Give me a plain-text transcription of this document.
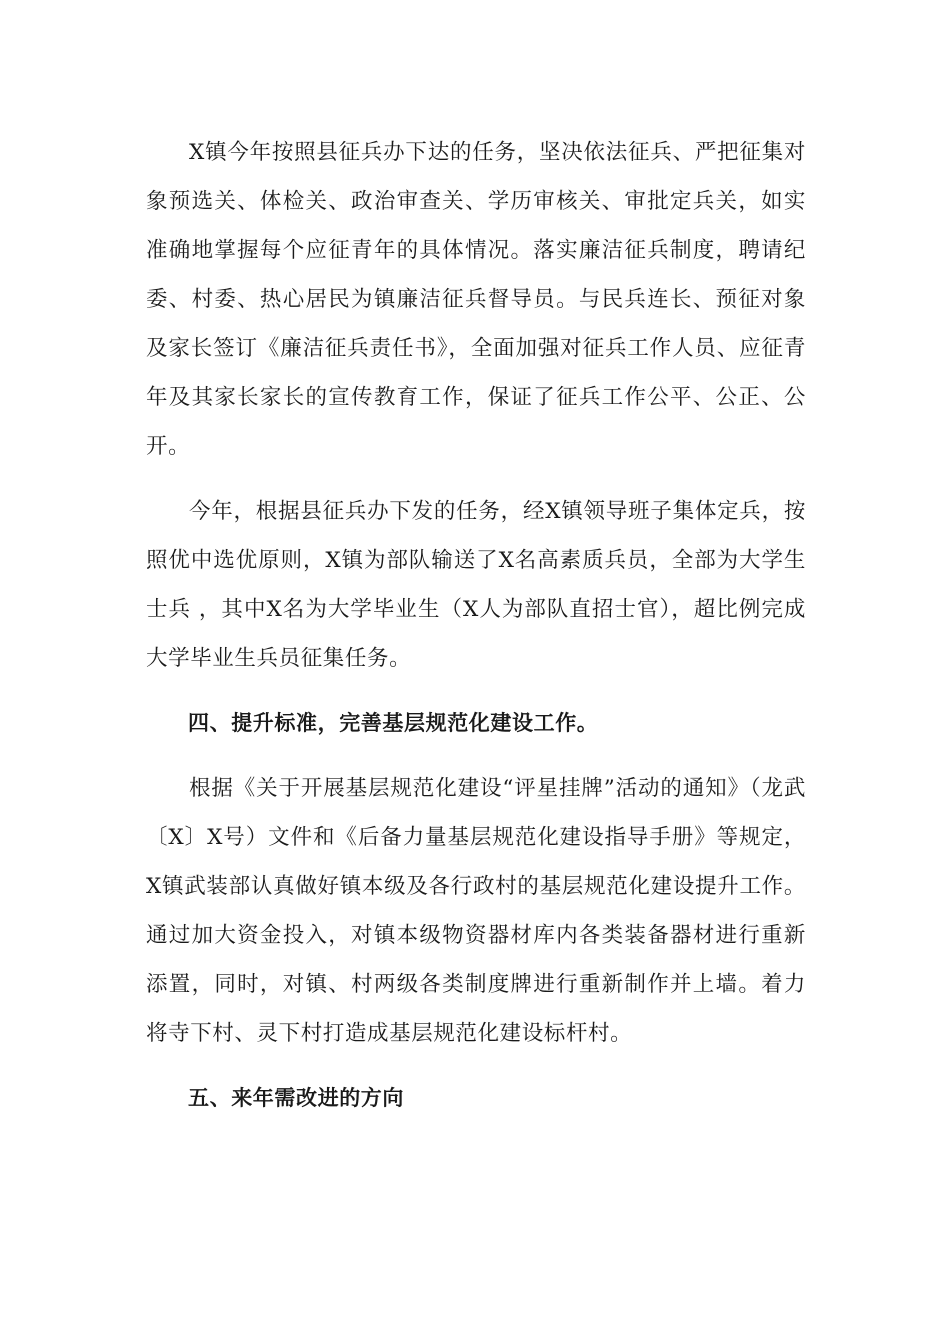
X镇今年按照县征兵办下达的任务，坚决依法征兵、严把征集对象预选关、体检关、政治审查关、学历审核关、审批定兵关，如实准确地掌握每个应征青年的具体情况。落实廉洁征兵制度，聘请纪委、村委、热心居民为镇廉洁征兵督导员。与民兵连长、预征对象及家长签订《廉洁征兵责任书》，全面加强对征兵工作人员、应征青年及其家长家长的宣传教育工作，保证了征兵工作公平、公正、公开。

今年，根据县征兵办下发的任务，经X镇领导班子集体定兵，按照优中选优原则，X镇为部队输送了X名高素质兵员，全部为大学生士兵 ，其中X名为大学毕业生（X人为部队直招士官），超比例完成大学毕业生兵员征集任务。

四、提升标准，完善基层规范化建设工作。

根据《关于开展基层规范化建设“评星挂牌”活动的通知》（龙武〔X〕X号）文件和《后备力量基层规范化建设指导手册》等规定，X镇武装部认真做好镇本级及各行政村的基层规范化建设提升工作。通过加大资金投入，对镇本级物资器材库内各类装备器材进行重新添置，同时，对镇、村两级各类制度牌进行重新制作并上墙。着力将寺下村、灵下村打造成基层规范化建设标杆村。

五、来年需改进的方向
